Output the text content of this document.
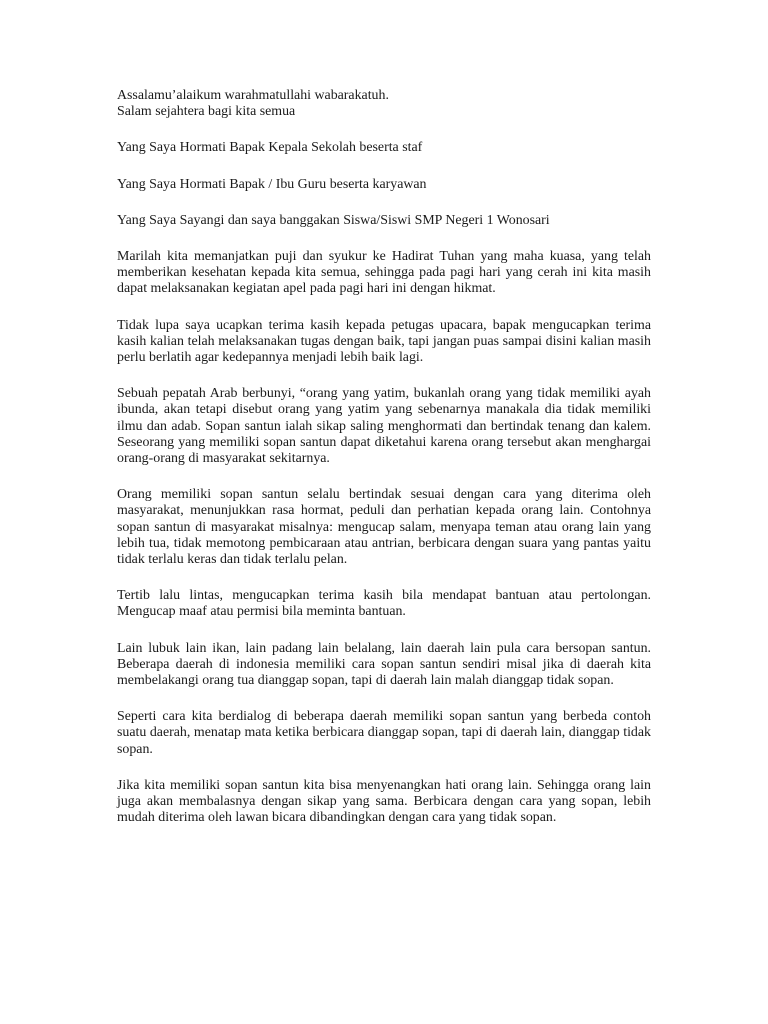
Assalamu’alaikum warahmatullahi wabarakatuh.
Salam sejahtera bagi kita semua

Yang Saya Hormati Bapak Kepala Sekolah beserta staf

Yang Saya Hormati Bapak / Ibu Guru beserta karyawan

Yang Saya Sayangi dan saya banggakan Siswa/Siswi SMP Negeri 1 Wonosari

Marilah kita memanjatkan puji dan syukur ke Hadirat Tuhan yang maha kuasa, yang telah memberikan kesehatan kepada kita semua, sehingga pada pagi hari yang cerah ini kita masih dapat melaksanakan kegiatan apel pada pagi hari ini dengan hikmat.

Tidak lupa saya ucapkan terima kasih kepada petugas upacara, bapak mengucapkan terima kasih kalian telah melaksanakan tugas dengan baik, tapi jangan puas sampai disini kalian masih perlu berlatih agar kedepannya menjadi lebih baik lagi.

Sebuah pepatah Arab berbunyi, “orang yang yatim, bukanlah orang yang tidak memiliki ayah ibunda, akan tetapi disebut orang yang yatim yang sebenarnya manakala dia tidak memiliki ilmu dan adab. Sopan santun ialah sikap saling menghormati dan bertindak tenang dan kalem. Seseorang yang memiliki sopan santun dapat diketahui karena orang tersebut akan menghargai orang-orang di masyarakat sekitarnya.

Orang memiliki sopan santun selalu bertindak sesuai dengan cara yang diterima oleh masyarakat, menunjukkan rasa hormat, peduli dan perhatian kepada orang lain. Contohnya sopan santun di masyarakat misalnya: mengucap salam, menyapa teman atau orang lain yang lebih tua, tidak memotong pembicaraan atau antrian, berbicara dengan suara yang pantas yaitu tidak terlalu keras dan tidak terlalu pelan.

Tertib lalu lintas, mengucapkan terima kasih bila mendapat bantuan atau pertolongan. Mengucap maaf atau permisi bila meminta bantuan.

Lain lubuk lain ikan, lain padang lain belalang, lain daerah lain pula cara bersopan santun. Beberapa daerah di indonesia memiliki cara sopan santun sendiri misal jika di daerah kita membelakangi orang tua dianggap sopan, tapi di daerah lain malah dianggap tidak sopan.

Seperti cara kita berdialog di beberapa daerah memiliki sopan santun yang berbeda contoh suatu daerah, menatap mata ketika berbicara dianggap sopan, tapi di daerah lain, dianggap tidak sopan.

Jika kita memiliki sopan santun kita bisa menyenangkan hati orang lain. Sehingga orang lain juga akan membalasnya dengan sikap yang sama. Berbicara dengan cara yang sopan, lebih mudah diterima oleh lawan bicara dibandingkan dengan cara yang tidak sopan.
